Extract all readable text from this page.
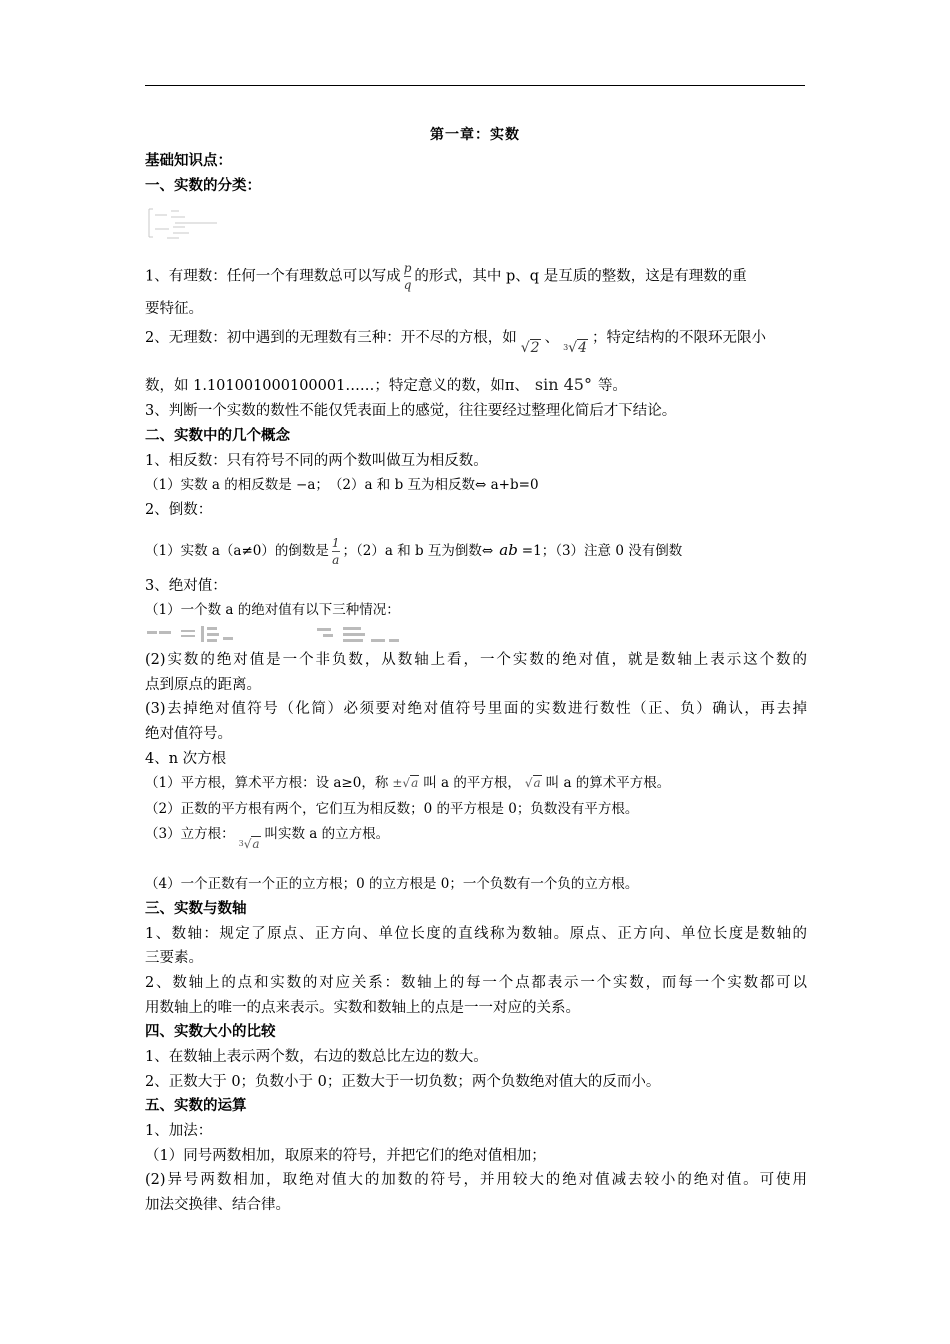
第一章：实数
基础知识点：
一、实数的分类：
1、有理数：任何一个有理数总可以写成 $\frac{p}{q}$ 的形式，其中 p、q 是互质的整数，这是有理数的重
要特征。
2、无理数：初中遇到的无理数有三种：开不尽的方根，如√2、$^3$√4；特定结构的不限环无限小
数，如 1.101001000100001……；特定意义的数，如π、 sin 45° 等。
3、判断一个实数的数性不能仅凭表面上的感觉，往往要经过整理化简后才下结论。
二、实数中的几个概念
1、相反数：只有符号不同的两个数叫做互为相反数。
（1）实数 a 的相反数是 −a；　（2）a 和 b 互为相反数⇔ a+b=0
2、倒数：
（1）实数 a（a≠0）的倒数是 $\frac{1}{a}$ ；（2）a 和 b 互为倒数⇔ ab =1；（3）注意 0 没有倒数
3、绝对值：
（1）一个数 a 的绝对值有以下三种情况：
(2)实数的绝对值是一个非负数，从数轴上看，一个实数的绝对值，就是数轴上表示这个数的
点到原点的距离。
(3)去掉绝对值符号（化简）必须要对绝对值符号里面的实数进行数性（正、负）确认，再去掉
绝对值符号。
4、n 次方根
（1）平方根，算术平方根：设 a≥0，称 ±√a 叫 a 的平方根， √a 叫 a 的算术平方根。
（2）正数的平方根有两个，它们互为相反数；0 的平方根是 0；负数没有平方根。
（3）立方根：$^3$√a叫实数 a 的立方根。
（4）一个正数有一个正的立方根；0 的立方根是 0；一个负数有一个负的立方根。
三、实数与数轴
1、数轴：规定了原点、正方向、单位长度的直线称为数轴。原点、正方向、单位长度是数轴的
三要素。
2、数轴上的点和实数的对应关系：数轴上的每一个点都表示一个实数，而每一个实数都可以
用数轴上的唯一的点来表示。实数和数轴上的点是一一对应的关系。
四、实数大小的比较
1、在数轴上表示两个数，右边的数总比左边的数大。
2、正数大于 0；负数小于 0；正数大于一切负数；两个负数绝对值大的反而小。
五、实数的运算
1、加法：
（1）同号两数相加，取原来的符号，并把它们的绝对值相加；
(2)异号两数相加，取绝对值大的加数的符号，并用较大的绝对值减去较小的绝对值。可使用
加法交换律、结合律。
